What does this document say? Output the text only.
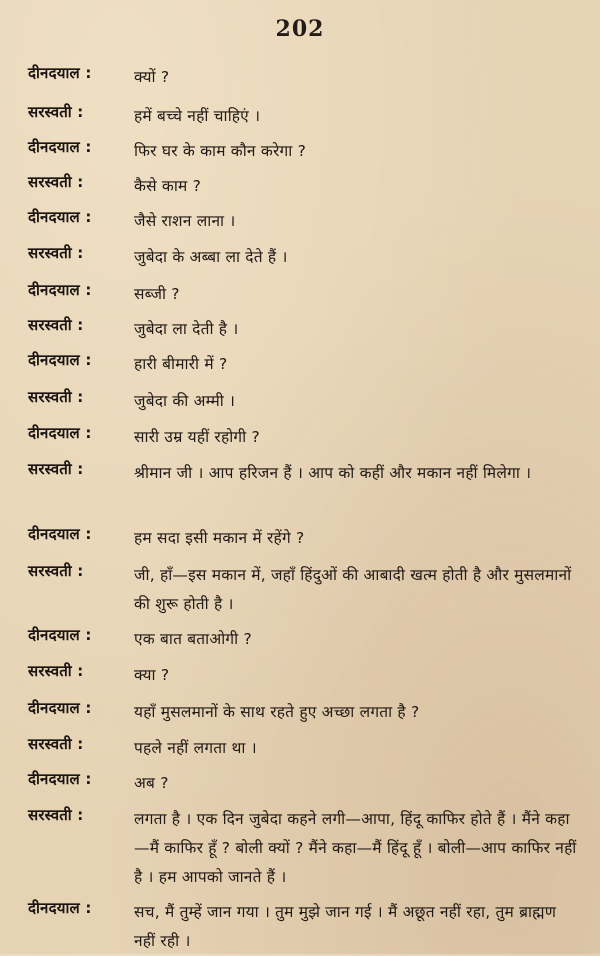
202
दीनदयाल :	क्यों ?
सरस्वती :	हमें बच्चे नहीं चाहिएं ।
दीनदयाल :	फिर घर के काम कौन करेगा ?
सरस्वती :	कैसे काम ?
दीनदयाल :	जैसे राशन लाना ।
सरस्वती :	जुबेदा के अब्बा ला देते हैं ।
दीनदयाल :	सब्जी ?
सरस्वती :	जुबेदा ला देती है ।
दीनदयाल :	हारी बीमारी में ?
सरस्वती :	जुबेदा की अम्मी ।
दीनदयाल :	सारी उम्र यहीं रहोगी ?
सरस्वती :	श्रीमान जी । आप हरिजन हैं । आप को कहीं और मकान नहीं मिलेगा ।
दीनदयाल :	हम सदा इसी मकान में रहेंगे ?
सरस्वती :	जी, हाँ—इस मकान में, जहाँ हिंदुओं की आबादी खत्म होती है और मुसलमानों की शुरू होती है ।
दीनदयाल :	एक बात बताओगी ?
सरस्वती :	क्या ?
दीनदयाल :	यहाँ मुसलमानों के साथ रहते हुए अच्छा लगता है ?
सरस्वती :	पहले नहीं लगता था ।
दीनदयाल :	अब ?
सरस्वती :	लगता है । एक दिन जुबेदा कहने लगी—आपा, हिंदू काफिर होते हैं । मैंने कहा—मैं काफिर हूँ ? बोली क्यों ? मैंने कहा—मैं हिंदू हूँ । बोली—आप काफिर नहीं है । हम आपको जानते हैं ।
दीनदयाल :	सच, मैं तुम्हें जान गया । तुम मुझे जान गई । मैं अछूत नहीं रहा, तुम ब्राह्मण नहीं रही ।
